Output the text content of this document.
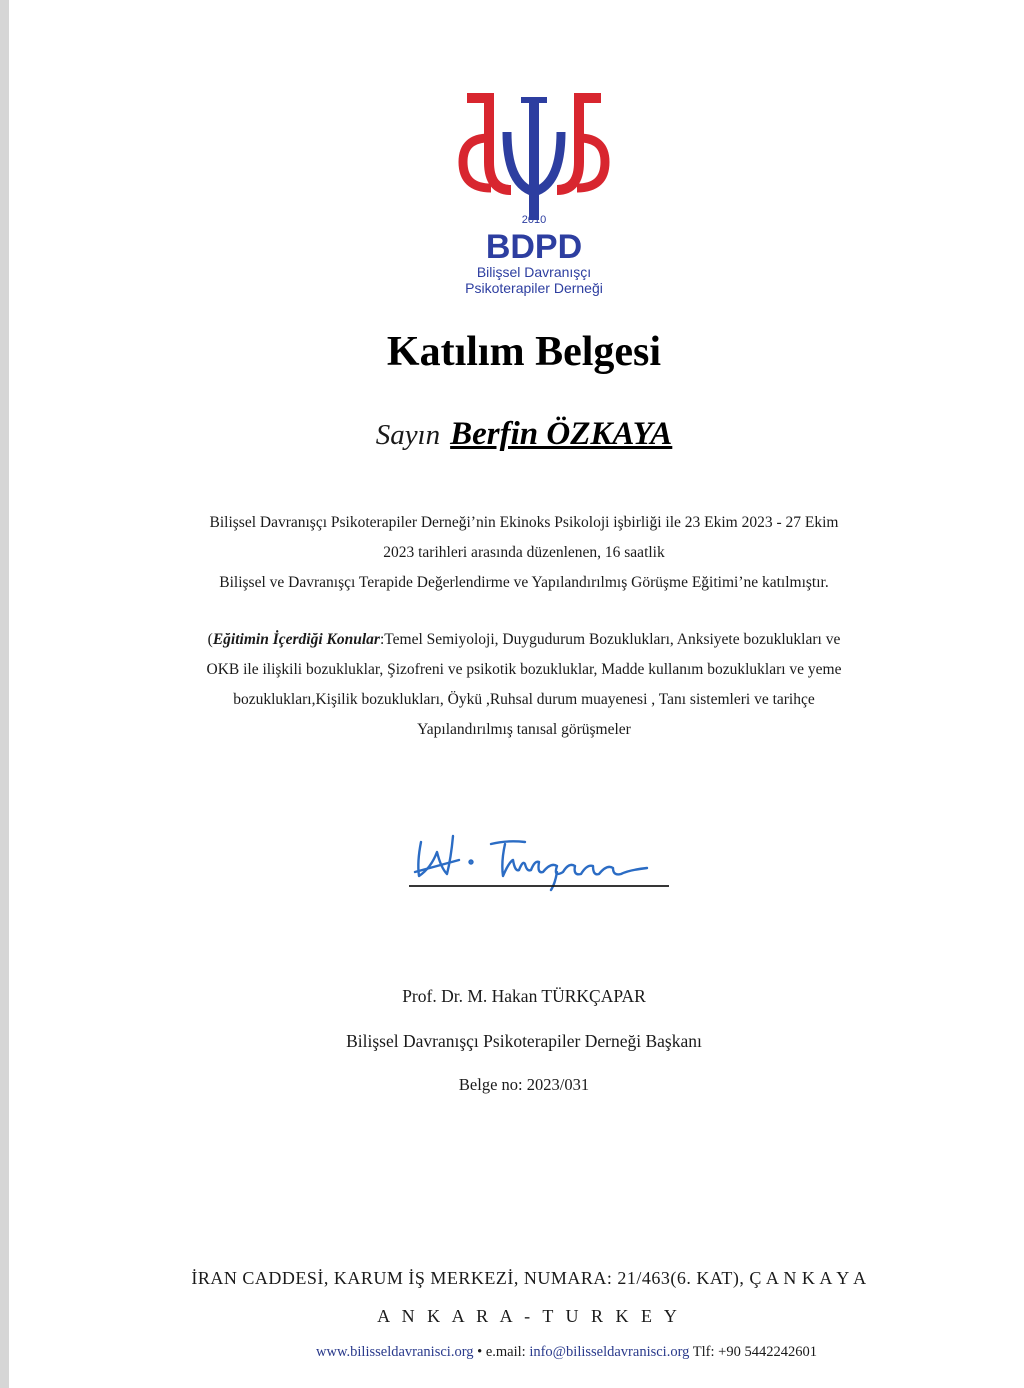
2010
BDPD
Bilişsel Davranışçı
Psikoterapiler Derneği
Katılım Belgesi
Sayın Berfin ÖZKAYA
Bilişsel Davranışçı Psikoterapiler Derneği’nin Ekinoks Psikoloji işbirliği ile 23 Ekim 2023 - 27 Ekim
2023 tarihleri arasında düzenlenen, 16 saatlik
Bilişsel ve Davranışçı Terapide Değerlendirme ve Yapılandırılmış Görüşme Eğitimi’ne katılmıştır.
(Eğitimin İçerdiği Konular:Temel Semiyoloji, Duygudurum Bozuklukları, Anksiyete bozuklukları ve
OKB ile ilişkili bozukluklar, Şizofreni ve psikotik bozukluklar, Madde kullanım bozuklukları ve yeme
bozuklukları,Kişilik bozuklukları, Öykü ,Ruhsal durum muayenesi , Tanı sistemleri ve tarihçe
Yapılandırılmış tanısal görüşmeler
Prof. Dr. M. Hakan TÜRKÇAPAR
Bilişsel Davranışçı Psikoterapiler Derneği Başkanı
Belge no: 2023/031
İRAN CADDESİ, KARUM İŞ MERKEZİ, NUMARA: 21/463(6. KAT), Ç A N K A Y A
A N K A R A - T U R K E Y
www.bilisseldavranisci.org • e.mail: info@bilisseldavranisci.org Tlf: +90 5442242601
